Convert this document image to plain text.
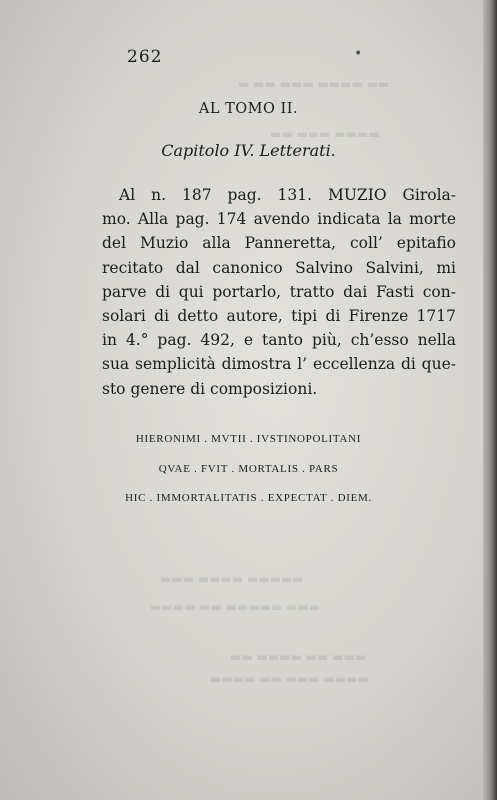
▬ ▬▬ ▬▬▬ ▬▬▬▬ ▬▬
▬▬ ▬▬▬ ▬▬▬▬
▬▬▬ ▬▬▬▬ ▬▬▬▬▬
▬▬▬▬ ▬▬ ▬▬▬▬▬ ▬▬▬
▬▬ ▬▬▬▬ ▬▬ ▬▬▬
▬▬▬▬ ▬▬ ▬▬▬ ▬▬▬▬
262	•
AL TOMO II.
Capitolo IV. Letterati.
Al n. 187 pag. 131. MUZIO Girola-
mo. Alla pag. 174 avendo indicata la morte
del Muzio alla Panneretta, coll’ epitafio
recitato dal canonico Salvino Salvini, mi
parve di qui portarlo, tratto dai Fasti con-
solari di detto autore, tipi di Firenze 1717
in 4.° pag. 492, e tanto più, ch’esso nella
sua semplicità dimostra l’ eccellenza di que-
sto genere di composizioni.
HIERONIMI . MVTII . IVSTINOPOLITANI
QVAE . FVIT . MORTALIS . PARS
HIC . IMMORTALITATIS . EXPECTAT . DIEM.
